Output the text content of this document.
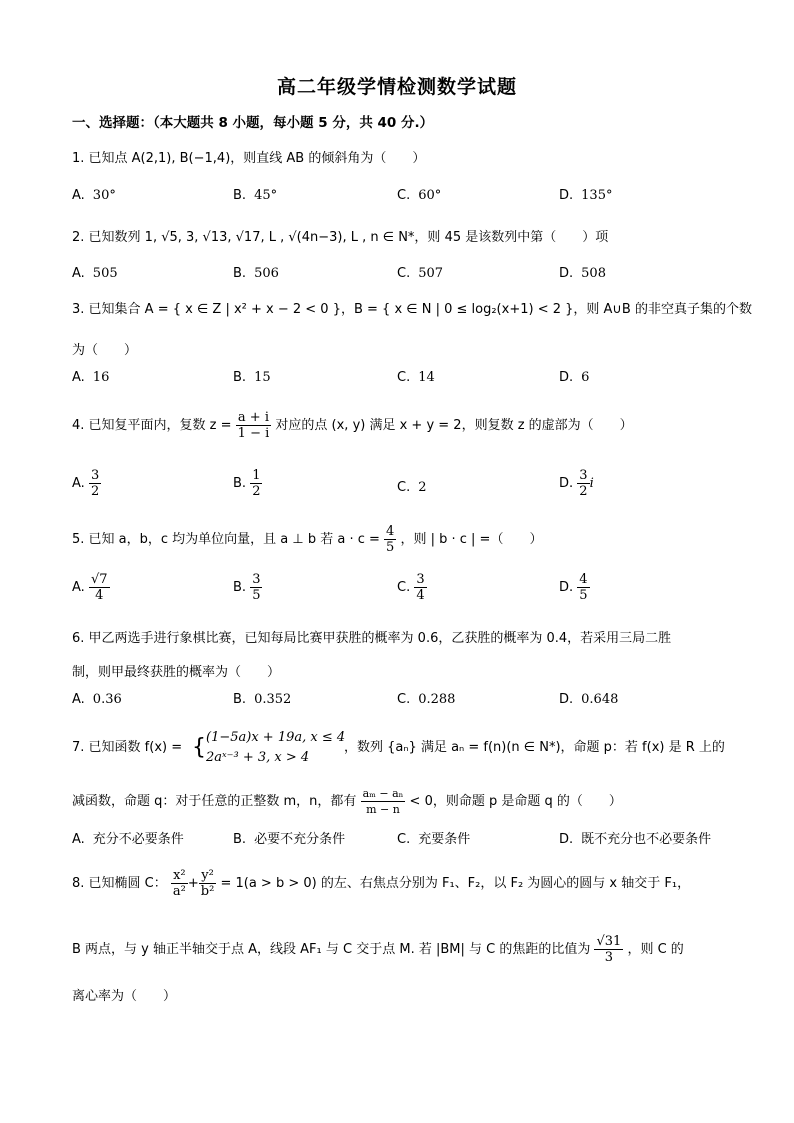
高二年级学情检测数学试题
一、选择题：（本大题共 8 小题，每小题 5 分，共 40 分.）
1. 已知点 A(2,1), B(−1,4)，则直线 AB 的倾斜角为（　　）
A. 30°	B. 45°	C. 60°	D. 135°
2. 已知数列 1, √5, 3, √13, √17, L , √(4n−3), L , n ∈ N*，则 45 是该数列中第（　　）项
A. 505	B. 506	C. 507	D. 508
3. 已知集合 A = { x ∈ Z | x² + x − 2 < 0 }，B = { x ∈ N | 0 ≤ log₂(x+1) < 2 }，则 A∪B 的非空真子集的个数
为（　　）
A. 16	B. 15	C. 14	D. 6
4. 已知复平面内，复数 $z = \frac{a + i}{1 - i}$ 对应的点 (x, y) 满足 x + y = 2，则复数 z 的虚部为（　　）
A. $\frac{3}{2}$	B. $\frac{1}{2}$	C. 2	D. $\frac{3}{2}$ i
5. 已知 a，b，c 均为单位向量，且 a ⊥ b 若 $a \cdot c = \frac{4}{5}$ ，则 | b · c | =（　　）
A. $\frac{√7}{4}$	B. $\frac{3}{5}$	C. $\frac{3}{4}$	D. $\frac{4}{5}$
6. 甲乙两选手进行象棋比赛，已知每局比赛甲获胜的概率为 0.6，乙获胜的概率为 0.4，若采用三局二胜
制，则甲最终获胜的概率为（　　）
A. 0.36	B. 0.352	C. 0.288	D. 0.648
7. 已知函数 f(x) = { (1−5a)x + 19a, x ≤ 4
2aˣ⁻³ + 3, x > 4
，数列 {aₙ} 满足 aₙ = f(n)(n ∈ N*)，命题 p：若 f(x) 是 R 上的
减函数，命题 q：对于任意的正整数 m，n，都有 $\frac{\text{aₘ − aₙ}}{m - n} < 0$，则命题 p 是命题 q 的（　　）
A. 充分不必要条件	B. 必要不充分条件	C. 充要条件	D. 既不充分也不必要条件
8. 已知椭圆 C： $\frac{\text{x²}}{\text{a²}} + \frac{\text{y²}}{\text{b²}} = 1(a > b > 0)$ 的左、右焦点分别为 F₁、F₂，以 F₂ 为圆心的圆与 x 轴交于 F₁，
B 两点，与 y 轴正半轴交于点 A，线段 AF₁ 与 C 交于点 M. 若 |BM| 与 C 的焦距的比值为 $\frac{√31}{3}$ ，则 C 的
离心率为（　　）
